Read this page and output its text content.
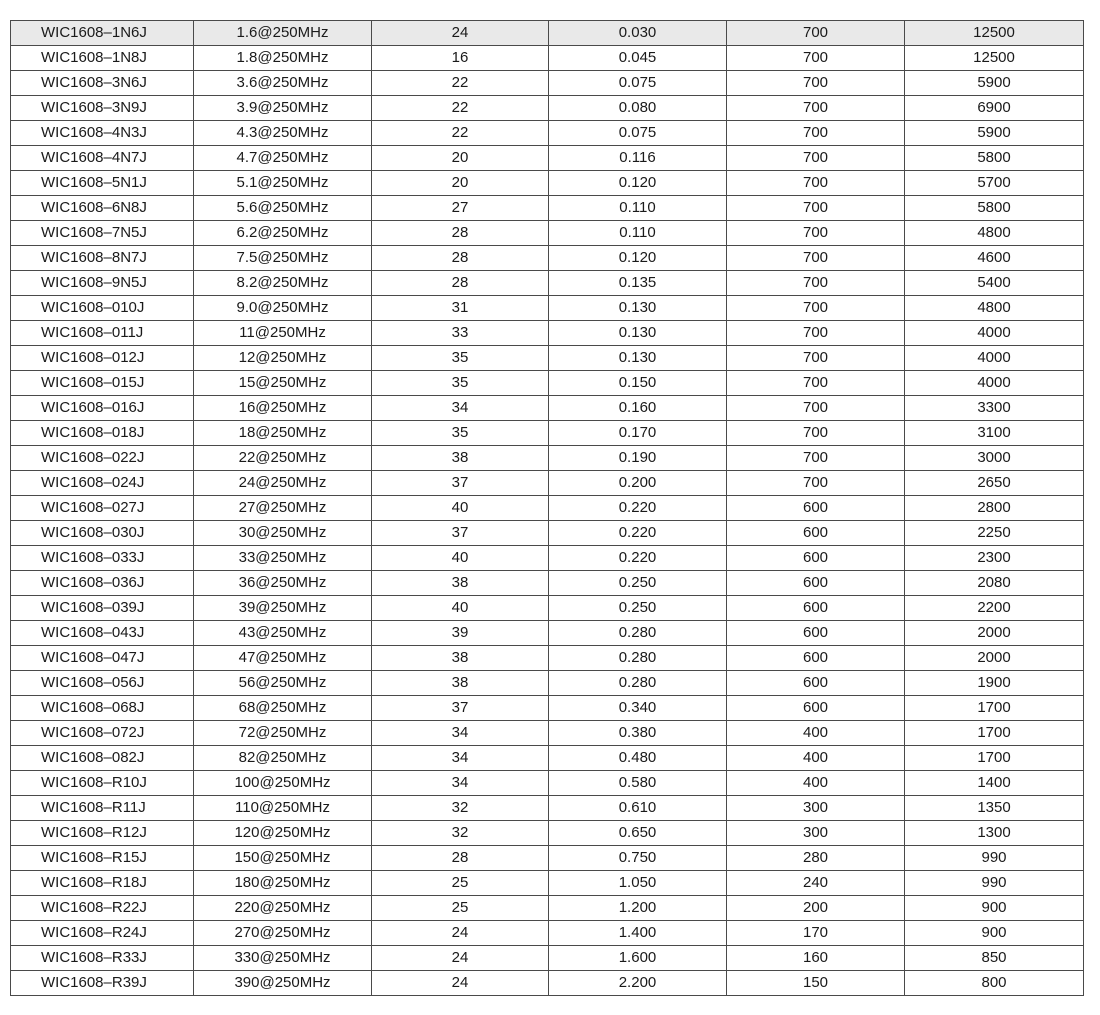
WIC1608–1N6J	1.6@250MHz	24	0.030	700	12500
WIC1608–1N8J	1.8@250MHz	16	0.045	700	12500
WIC1608–3N6J	3.6@250MHz	22	0.075	700	5900
WIC1608–3N9J	3.9@250MHz	22	0.080	700	6900
WIC1608–4N3J	4.3@250MHz	22	0.075	700	5900
WIC1608–4N7J	4.7@250MHz	20	0.116	700	5800
WIC1608–5N1J	5.1@250MHz	20	0.120	700	5700
WIC1608–6N8J	5.6@250MHz	27	0.110	700	5800
WIC1608–7N5J	6.2@250MHz	28	0.110	700	4800
WIC1608–8N7J	7.5@250MHz	28	0.120	700	4600
WIC1608–9N5J	8.2@250MHz	28	0.135	700	5400
WIC1608–010J	9.0@250MHz	31	0.130	700	4800
WIC1608–011J	11@250MHz	33	0.130	700	4000
WIC1608–012J	12@250MHz	35	0.130	700	4000
WIC1608–015J	15@250MHz	35	0.150	700	4000
WIC1608–016J	16@250MHz	34	0.160	700	3300
WIC1608–018J	18@250MHz	35	0.170	700	3100
WIC1608–022J	22@250MHz	38	0.190	700	3000
WIC1608–024J	24@250MHz	37	0.200	700	2650
WIC1608–027J	27@250MHz	40	0.220	600	2800
WIC1608–030J	30@250MHz	37	0.220	600	2250
WIC1608–033J	33@250MHz	40	0.220	600	2300
WIC1608–036J	36@250MHz	38	0.250	600	2080
WIC1608–039J	39@250MHz	40	0.250	600	2200
WIC1608–043J	43@250MHz	39	0.280	600	2000
WIC1608–047J	47@250MHz	38	0.280	600	2000
WIC1608–056J	56@250MHz	38	0.280	600	1900
WIC1608–068J	68@250MHz	37	0.340	600	1700
WIC1608–072J	72@250MHz	34	0.380	400	1700
WIC1608–082J	82@250MHz	34	0.480	400	1700
WIC1608–R10J	100@250MHz	34	0.580	400	1400
WIC1608–R11J	110@250MHz	32	0.610	300	1350
WIC1608–R12J	120@250MHz	32	0.650	300	1300
WIC1608–R15J	150@250MHz	28	0.750	280	990
WIC1608–R18J	180@250MHz	25	1.050	240	990
WIC1608–R22J	220@250MHz	25	1.200	200	900
WIC1608–R24J	270@250MHz	24	1.400	170	900
WIC1608–R33J	330@250MHz	24	1.600	160	850
WIC1608–R39J	390@250MHz	24	2.200	150	800
